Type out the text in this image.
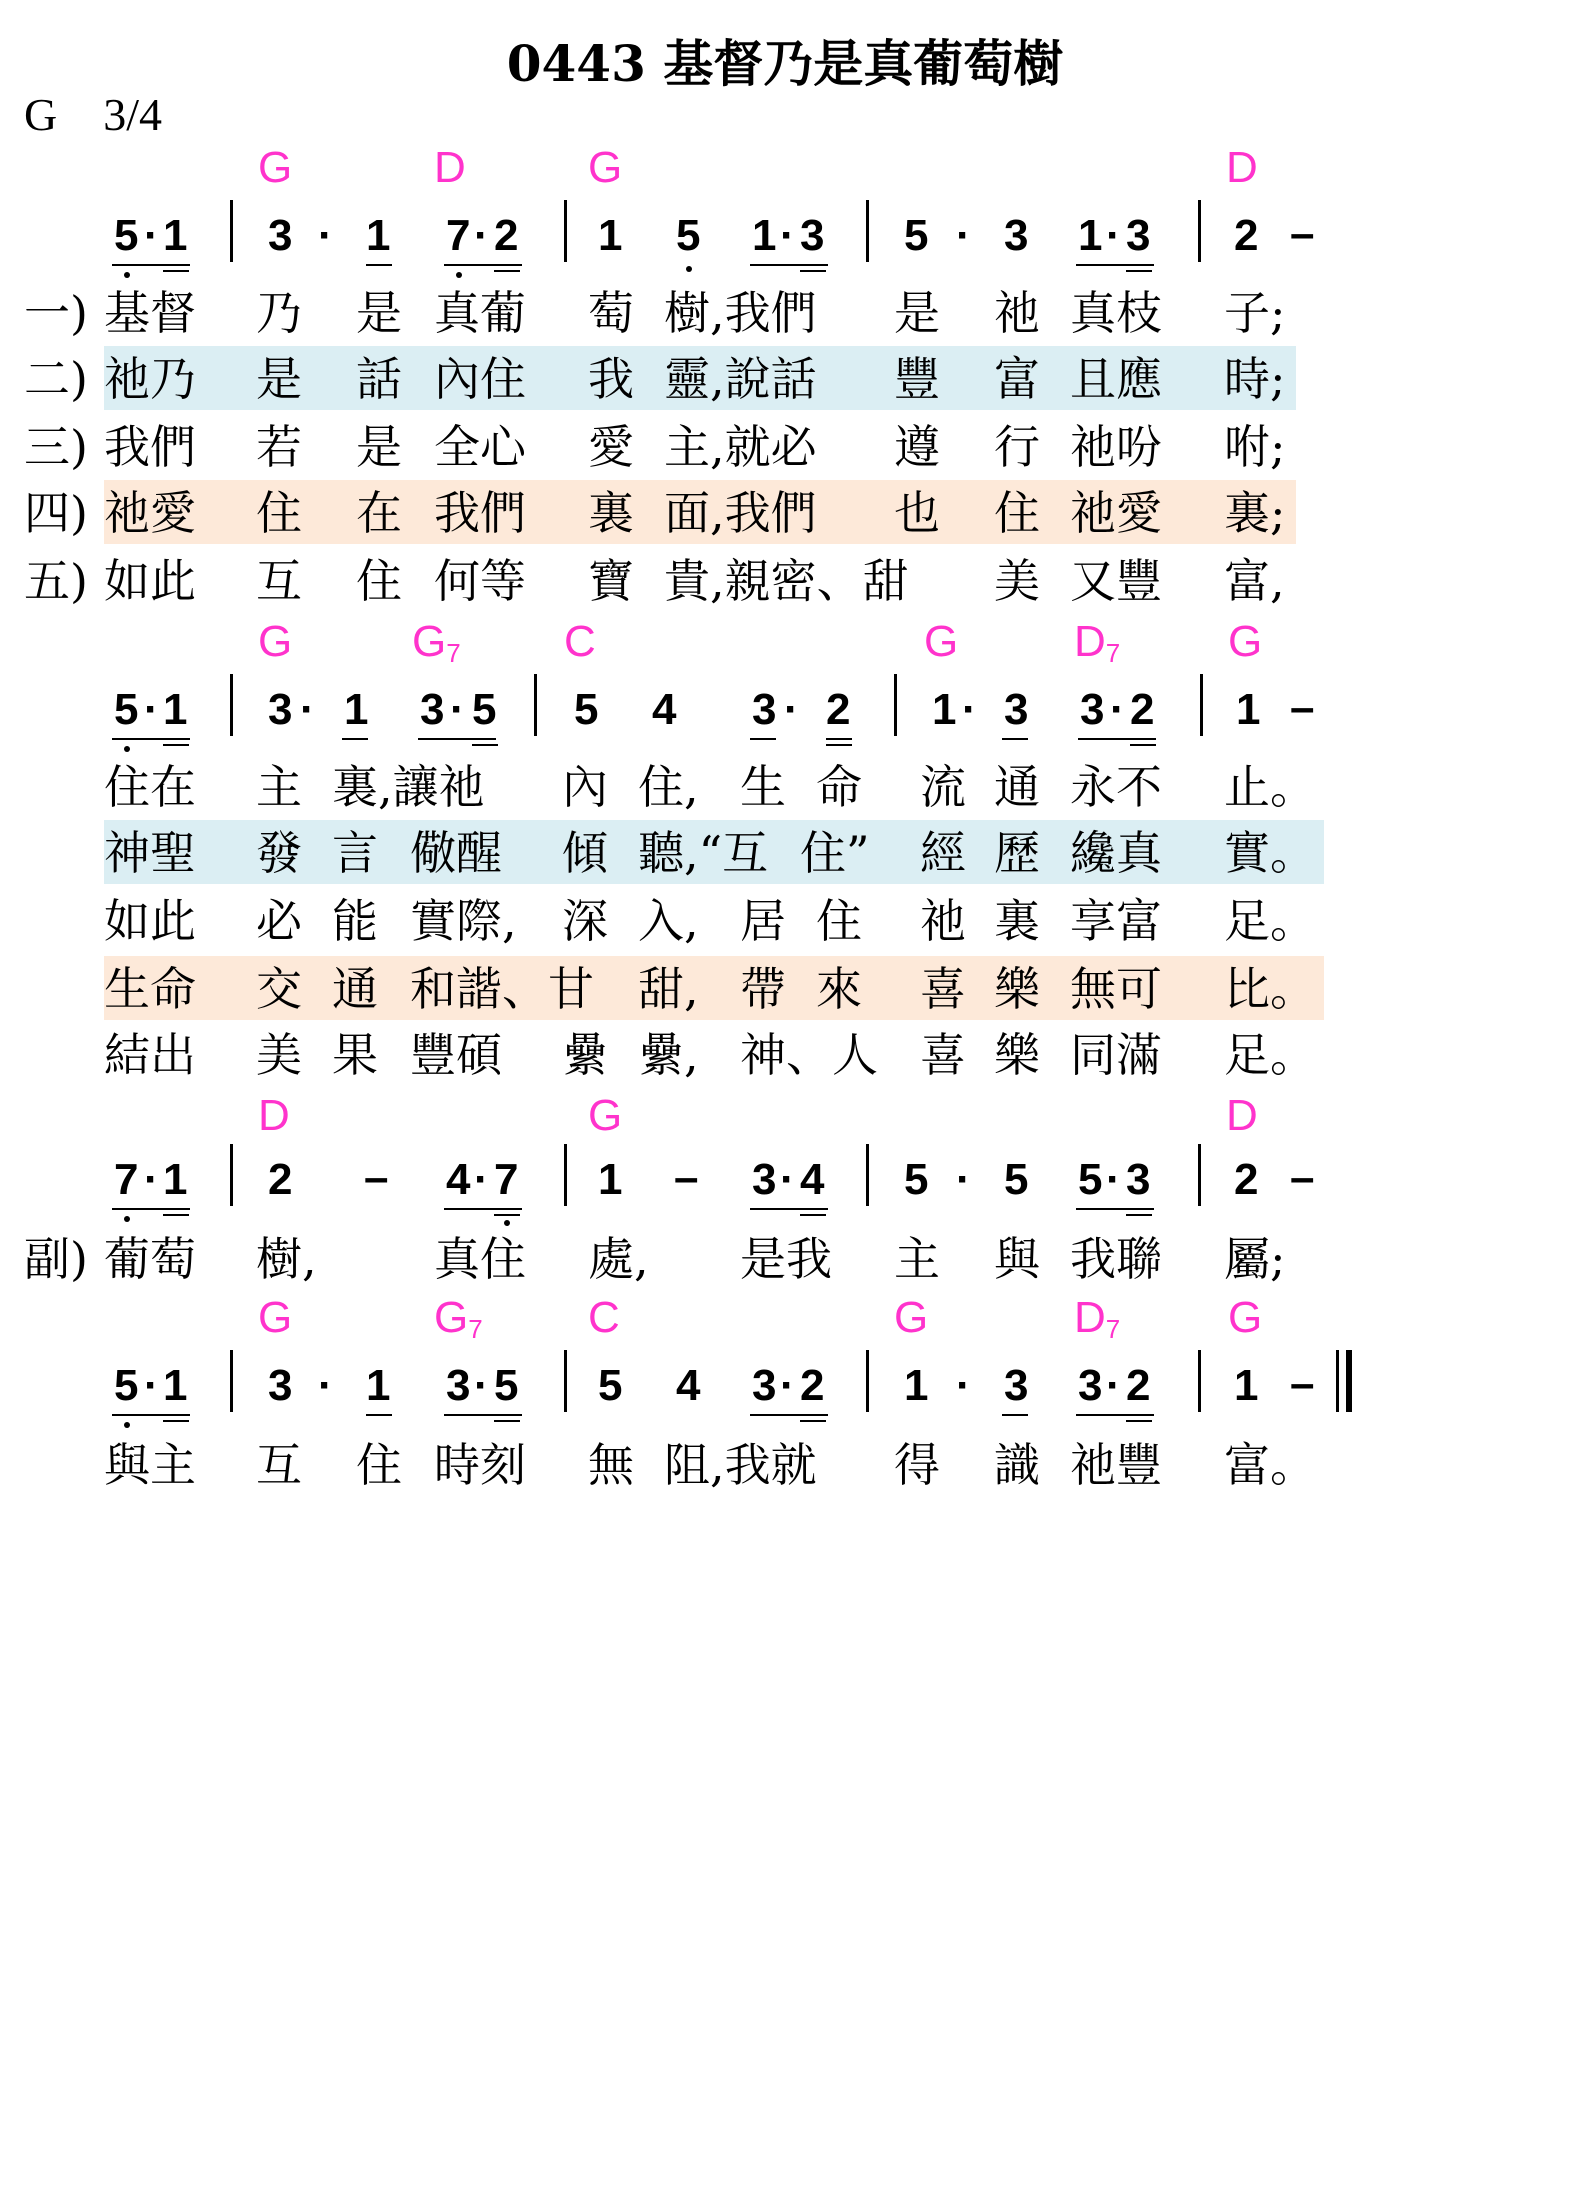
0443 基督乃是真葡萄樹
G 3/4
G	D	G	D
5 · 1 3 · 1 7 · 2 1 5 1 · 3 5 · 3 1 · 3 2 –
一)
二)
三)
四)
五)
基督 乃 是 真葡 萄 樹,我們 是 祂 真枝 子;
祂乃 是 話 內住 我 靈,說話 豐 富 且應 時;
我們 若 是 全心 愛 主,就必 遵 行 祂吩 咐;
祂愛 住 在 我們 裏 面,我們 也 住 祂愛 裏;
如此 互 住 何等 寶 貴,親密、甜 美 又豐 富,
G	$G_7$ C	G	$D_7$ G
5 · 1 3 · 1 3 · 5 5 4 3 · 2 1 · 3 3 · 2 1 –
住在 主 裏,讓祂 內 住, 生 命 流 通 永不 止。
神聖 發 言 儆醒 傾 聽,“互 住” 經 歷 纔真 實。
如此 必 能 實際, 深 入, 居 住 祂 裏 享富 足。
生命 交 通 和諧、甘 甜, 帶 來 喜 樂 無可 比。
結出 美 果 豐碩 纍 纍, 神、人 喜 樂 同滿 足。
D	G	D
7 · 1 2 – 4 · 7 1 – 3 · 4 5 · 5 5 · 3 2 –
副) 葡萄 樹,	真住 處, 是我 主 與 我聯 屬;
G	$G_7$ C	G	$D_7$ G
5 · 1 3 · 1 3 · 5 5 4 3 · 2 1 · 3 3 · 2 1 –
與主 互 住 時刻 無 阻,我就 得 識 祂豐 富。
